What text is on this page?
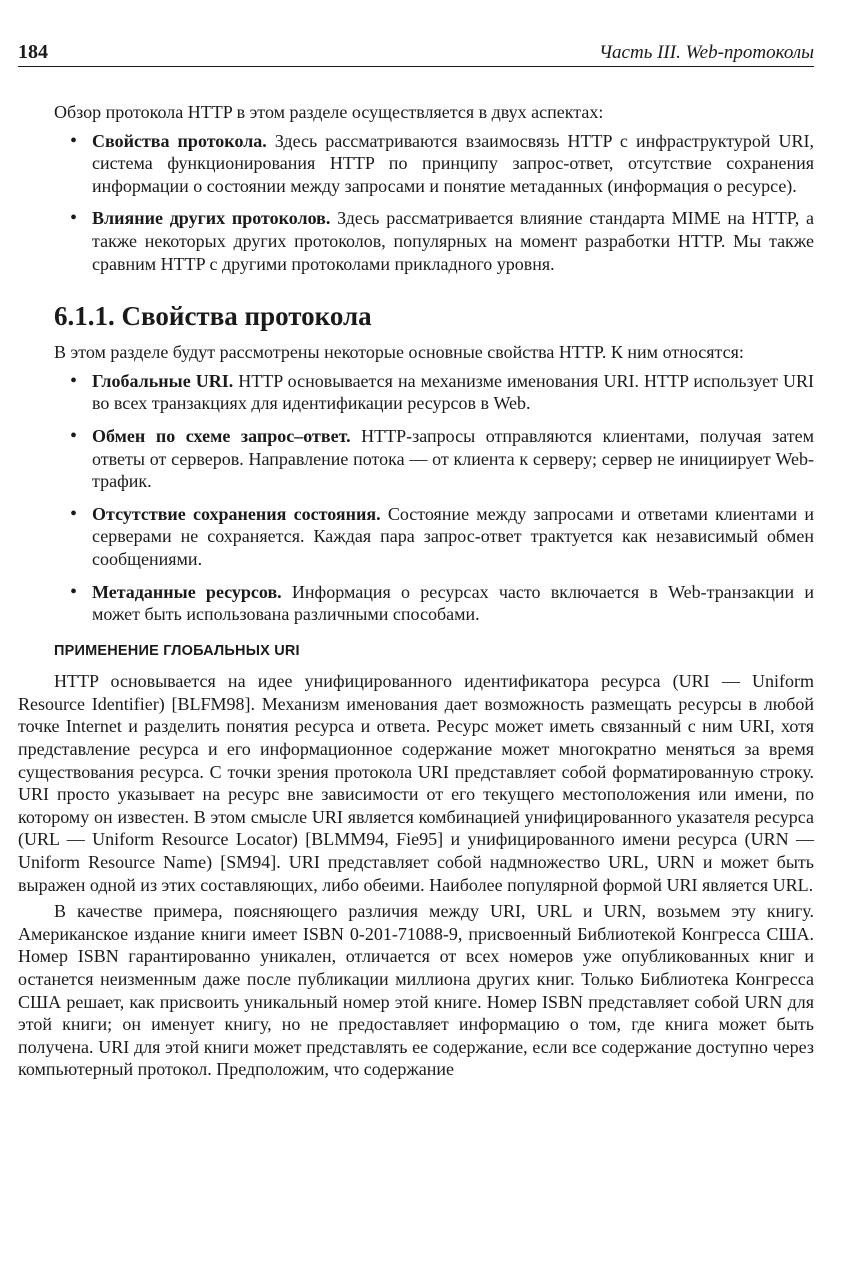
184	Часть III. Web-протоколы

Обзор протокола HTTP в этом разделе осуществляется в двух аспектах:

• Свойства протокола. Здесь рассматриваются взаимосвязь HTTP с инфраструктурой URI, система функционирования HTTP по принципу запрос-ответ, отсутствие сохранения информации о состоянии между запросами и понятие метаданных (информация о ресурсе).
• Влияние других протоколов. Здесь рассматривается влияние стандарта MIME на HTTP, а также некоторых других протоколов, популярных на момент разработки HTTP. Мы также сравним HTTP с другими протоколами прикладного уровня.
6.1.1. Свойства протокола

В этом разделе будут рассмотрены некоторые основные свойства HTTP. К ним относятся:

• Глобальные URI. HTTP основывается на механизме именования URI. HTTP использует URI во всех транзакциях для идентификации ресурсов в Web.
• Обмен по схеме запрос–ответ. HTTP-запросы отправляются клиентами, получая затем ответы от серверов. Направление потока — от клиента к серверу; сервер не инициирует Web-трафик.
• Отсутствие сохранения состояния. Состояние между запросами и ответами клиентами и серверами не сохраняется. Каждая пара запрос-ответ трактуется как независимый обмен сообщениями.
• Метаданные ресурсов. Информация о ресурсах часто включается в Web-транзакции и может быть использована различными способами.
ПРИМЕНЕНИЕ ГЛОБАЛЬНЫХ URI

HTTP основывается на идее унифицированного идентификатора ресурса (URI — Uniform Resource Identifier) [BLFM98]. Механизм именования дает возможность размещать ресурсы в любой точке Internet и разделить понятия ресурса и ответа. Ресурс может иметь связанный с ним URI, хотя представление ресурса и его информационное содержание может многократно меняться за время существования ресурса. С точки зрения протокола URI представляет собой форматированную строку. URI просто указывает на ресурс вне зависимости от его текущего местоположения или имени, по которому он известен. В этом смысле URI является комбинацией унифицированного указателя ресурса (URL — Uniform Resource Locator) [BLMM94, Fie95] и унифицированного имени ресурса (URN — Uniform Resource Name) [SM94]. URI представляет собой надмножество URL, URN и может быть выражен одной из этих составляющих, либо обеими. Наиболее популярной формой URI является URL.

В качестве примера, поясняющего различия между URI, URL и URN, возьмем эту книгу. Американское издание книги имеет ISBN 0-201-71088-9, присвоенный Библиотекой Конгресса США. Номер ISBN гарантированно уникален, отличается от всех номеров уже опубликованных книг и останется неизменным даже после публикации миллиона других книг. Только Библиотека Конгресса США решает, как присвоить уникальный номер этой книге. Номер ISBN представляет собой URN для этой книги; он именует книгу, но не предоставляет информацию о том, где книга может быть получена. URI для этой книги может представлять ее содержание, если все содержание доступно через компьютерный протокол. Предположим, что содержание
